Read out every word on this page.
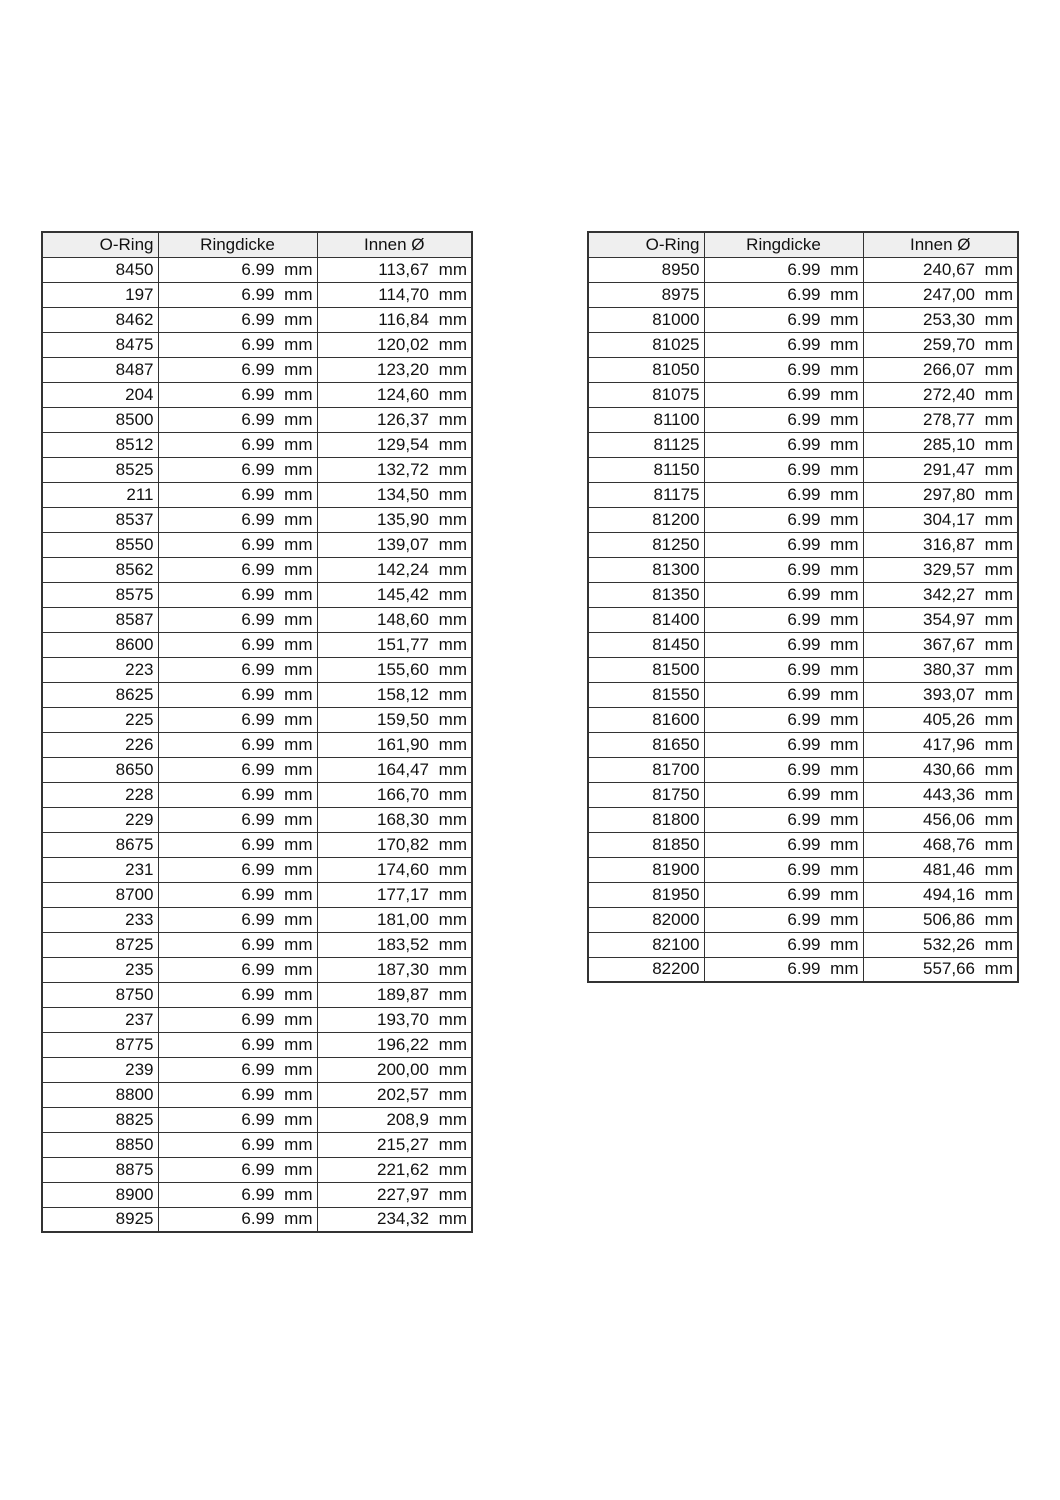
O-Ring	Ringdicke	Innen Ø
8450	6.99 mm	113,67 mm
197	6.99 mm	114,70 mm
8462	6.99 mm	116,84 mm
8475	6.99 mm	120,02 mm
8487	6.99 mm	123,20 mm
204	6.99 mm	124,60 mm
8500	6.99 mm	126,37 mm
8512	6.99 mm	129,54 mm
8525	6.99 mm	132,72 mm
211	6.99 mm	134,50 mm
8537	6.99 mm	135,90 mm
8550	6.99 mm	139,07 mm
8562	6.99 mm	142,24 mm
8575	6.99 mm	145,42 mm
8587	6.99 mm	148,60 mm
8600	6.99 mm	151,77 mm
223	6.99 mm	155,60 mm
8625	6.99 mm	158,12 mm
225	6.99 mm	159,50 mm
226	6.99 mm	161,90 mm
8650	6.99 mm	164,47 mm
228	6.99 mm	166,70 mm
229	6.99 mm	168,30 mm
8675	6.99 mm	170,82 mm
231	6.99 mm	174,60 mm
8700	6.99 mm	177,17 mm
233	6.99 mm	181,00 mm
8725	6.99 mm	183,52 mm
235	6.99 mm	187,30 mm
8750	6.99 mm	189,87 mm
237	6.99 mm	193,70 mm
8775	6.99 mm	196,22 mm
239	6.99 mm	200,00 mm
8800	6.99 mm	202,57 mm
8825	6.99 mm	208,9 mm
8850	6.99 mm	215,27 mm
8875	6.99 mm	221,62 mm
8900	6.99 mm	227,97 mm
8925	6.99 mm	234,32 mm
O-Ring	Ringdicke	Innen Ø
8950	6.99 mm	240,67 mm
8975	6.99 mm	247,00 mm
81000	6.99 mm	253,30 mm
81025	6.99 mm	259,70 mm
81050	6.99 mm	266,07 mm
81075	6.99 mm	272,40 mm
81100	6.99 mm	278,77 mm
81125	6.99 mm	285,10 mm
81150	6.99 mm	291,47 mm
81175	6.99 mm	297,80 mm
81200	6.99 mm	304,17 mm
81250	6.99 mm	316,87 mm
81300	6.99 mm	329,57 mm
81350	6.99 mm	342,27 mm
81400	6.99 mm	354,97 mm
81450	6.99 mm	367,67 mm
81500	6.99 mm	380,37 mm
81550	6.99 mm	393,07 mm
81600	6.99 mm	405,26 mm
81650	6.99 mm	417,96 mm
81700	6.99 mm	430,66 mm
81750	6.99 mm	443,36 mm
81800	6.99 mm	456,06 mm
81850	6.99 mm	468,76 mm
81900	6.99 mm	481,46 mm
81950	6.99 mm	494,16 mm
82000	6.99 mm	506,86 mm
82100	6.99 mm	532,26 mm
82200	6.99 mm	557,66 mm
